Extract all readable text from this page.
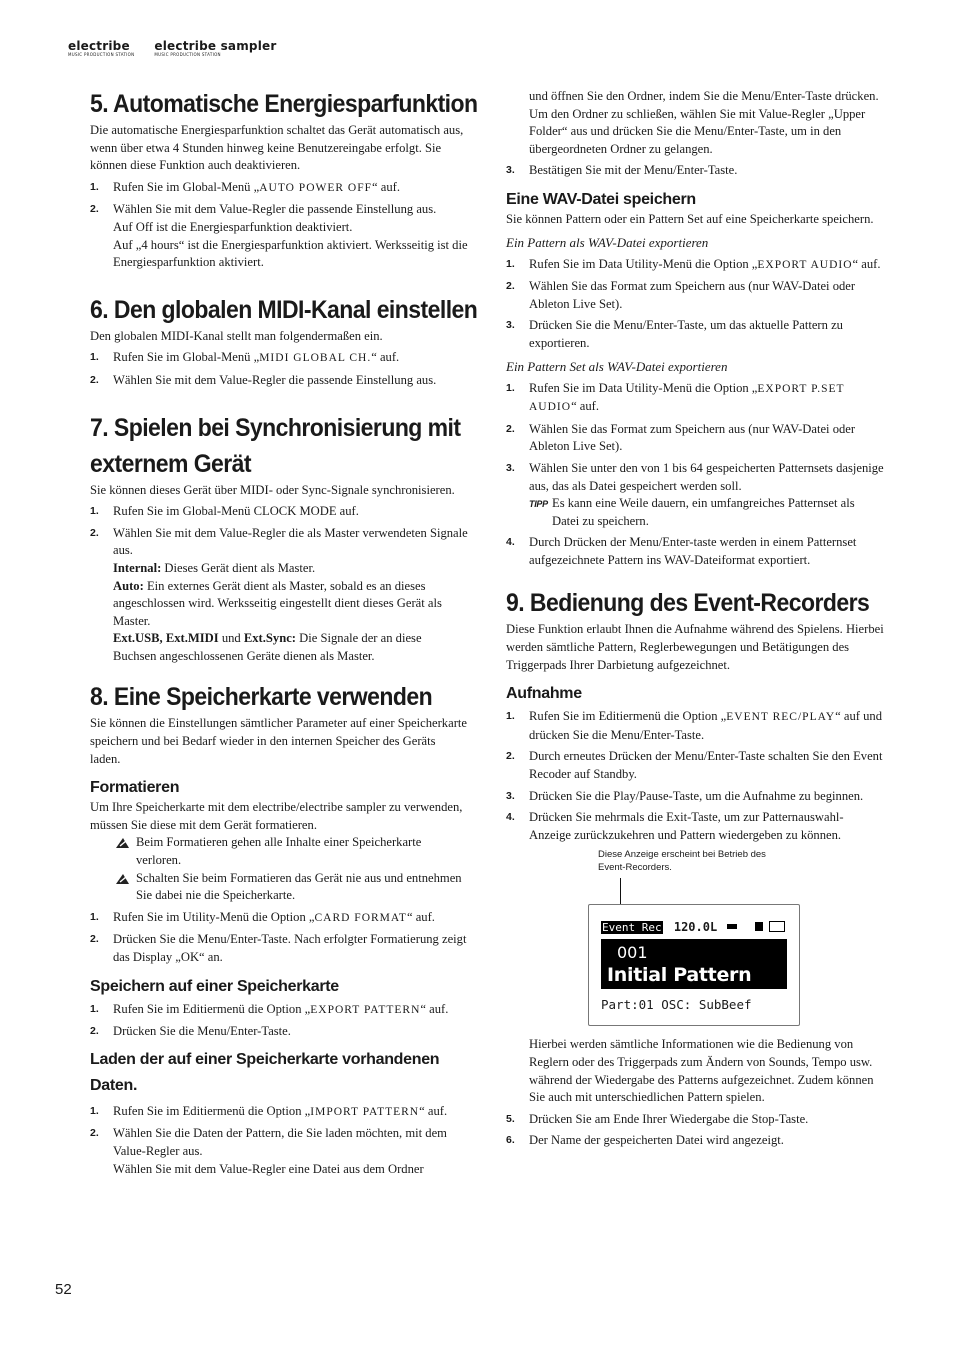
electribe
MUSIC PRODUCTION STATION
electribe sampler
MUSIC PRODUCTION STATION
5. Automatische Energiesparfunktion

Die automatische Energiesparfunktion schaltet das Gerät automatisch aus, wenn über etwa 4 Stunden hinweg keine Benutzereingabe erfolgt. Sie können diese Funktion auch deaktivieren.

1. Rufen Sie im Global-Menü „AUTO POWER OFF“ auf.
2. Wählen Sie mit dem Value-Regler die passende Einstellung aus.
Auf Off ist die Energiesparfunktion deaktiviert.
Auf „4 hours“ ist die Energiesparfunktion aktiviert. Werksseitig ist die Energiesparfunktion aktiviert.
6. Den globalen MIDI-Kanal einstellen

Den globalen MIDI-Kanal stellt man folgendermaßen ein.

1. Rufen Sie im Global-Menü „MIDI GLOBAL CH.“ auf.
2. Wählen Sie mit dem Value-Regler die passende Einstellung aus.
7. Spielen bei Synchronisierung mit externem Gerät

Sie können dieses Gerät über MIDI- oder Sync-Signale synchronisieren.

1. Rufen Sie im Global-Menü CLOCK MODE auf.
2. Wählen Sie mit dem Value-Regler die als Master verwendeten Signale aus.
Internal: Dieses Gerät dient als Master.
Auto: Ein externes Gerät dient als Master, sobald es an dieses angeschlossen wird. Werksseitig eingestellt dient dieses Gerät als Master.
Ext.USB, Ext.MIDI und Ext.Sync: Die Signale der an diese Buchsen angeschlossenen Geräte dienen als Master.
8. Eine Speicherkarte verwenden

Sie können die Einstellungen sämtlicher Parameter auf einer Speicherkarte speichern und bei Bedarf wieder in den internen Speicher des Geräts laden.

Formatieren

Um Ihre Speicherkarte mit dem electribe/electribe sampler zu verwenden, müssen Sie diese mit dem Gerät formatieren.

Beim Formatieren gehen alle Inhalte einer Speicherkarte verloren.
Schalten Sie beim Formatieren das Gerät nie aus und entnehmen Sie dabei nie die Speicherkarte.
1. Rufen Sie im Utility-Menü die Option „CARD FORMAT“ auf.
2. Drücken Sie die Menu/Enter-Taste. Nach erfolgter Formatierung zeigt das Display „OK“ an.
Speichern auf einer Speicherkarte
1. Rufen Sie im Editiermenü die Option „EXPORT PATTERN“ auf.
2. Drücken Sie die Menu/Enter-Taste.
Laden der auf einer Speicherkarte vorhandenen Daten.
1. Rufen Sie im Editiermenü die Option „IMPORT PATTERN“ auf.
2. Wählen Sie die Daten der Pattern, die Sie laden möchten, mit dem Value-Regler aus.
Wählen Sie mit dem Value-Regler eine Datei aus dem Ordner

und öffnen Sie den Ordner, indem Sie die Menu/Enter-Taste drücken. Um den Ordner zu schließen, wählen Sie mit Value-Regler „Upper Folder“ aus und drücken Sie die Menu/Enter-Taste, um in den übergeordneten Ordner zu gelangen.

3. Bestätigen Sie mit der Menu/Enter-Taste.
Eine WAV-Datei speichern

Sie können Pattern oder ein Pattern Set auf eine Speicherkarte speichern.

Ein Pattern als WAV-Datei exportieren
1. Rufen Sie im Data Utility-Menü die Option „EXPORT AUDIO“ auf.
2. Wählen Sie das Format zum Speichern aus (nur WAV-Datei oder Ableton Live Set).
3. Drücken Sie die Menu/Enter-Taste, um das aktuelle Pattern zu exportieren.
Ein Pattern Set als WAV-Datei exportieren
1. Rufen Sie im Data Utility-Menü die Option „EXPORT P.SET AUDIO“ auf.
2. Wählen Sie das Format zum Speichern aus (nur WAV-Datei oder Ableton Live Set).
3. Wählen Sie unter den von 1 bis 64 gespeicherten Patternsets dasjenige aus, das als Datei gespeichert werden soll.
TIPP Es kann eine Weile dauern, ein umfangreiches Patternset als Datei zu speichern.
4. Durch Drücken der Menu/Enter-taste werden in einem Patternset aufgezeichnete Pattern ins WAV-Dateiformat exportiert.
9. Bedienung des Event-Recorders

Diese Funktion erlaubt Ihnen die Aufnahme während des Spielens. Hierbei werden sämtliche Pattern, Reglerbewegungen und Betätigungen des Triggerpads Ihrer Darbietung aufgezeichnet.

Aufnahme
1. Rufen Sie im Editiermenü die Option „EVENT REC/PLAY“ auf und drücken Sie die Menu/Enter-Taste.
2. Durch erneutes Drücken der Menu/Enter-Taste schalten Sie den Event Recoder auf Standby.
3. Drücken Sie die Play/Pause-Taste, um die Aufnahme zu beginnen.
4. Drücken Sie mehrmals die Exit-Taste, um zur Patternauswahl-Anzeige zurückzukehren und Pattern wiedergeben zu können.
Diese Anzeige erscheint bei Betrieb des
Event-Recorders.
Event Rec 120.0L
001
Initial Pattern
Part:01 OSC: SubBeef

Hierbei werden sämtliche Informationen wie die Bedienung von Reglern oder des Triggerpads zum Ändern von Sounds, Tempo usw. während der Wiedergabe des Patterns aufgezeichnet. Zudem können Sie auch mit unterschiedlichen Pattern spielen.

5. Drücken Sie am Ende Ihrer Wiedergabe die Stop-Taste.
6. Der Name der gespeicherten Datei wird angezeigt.
52
